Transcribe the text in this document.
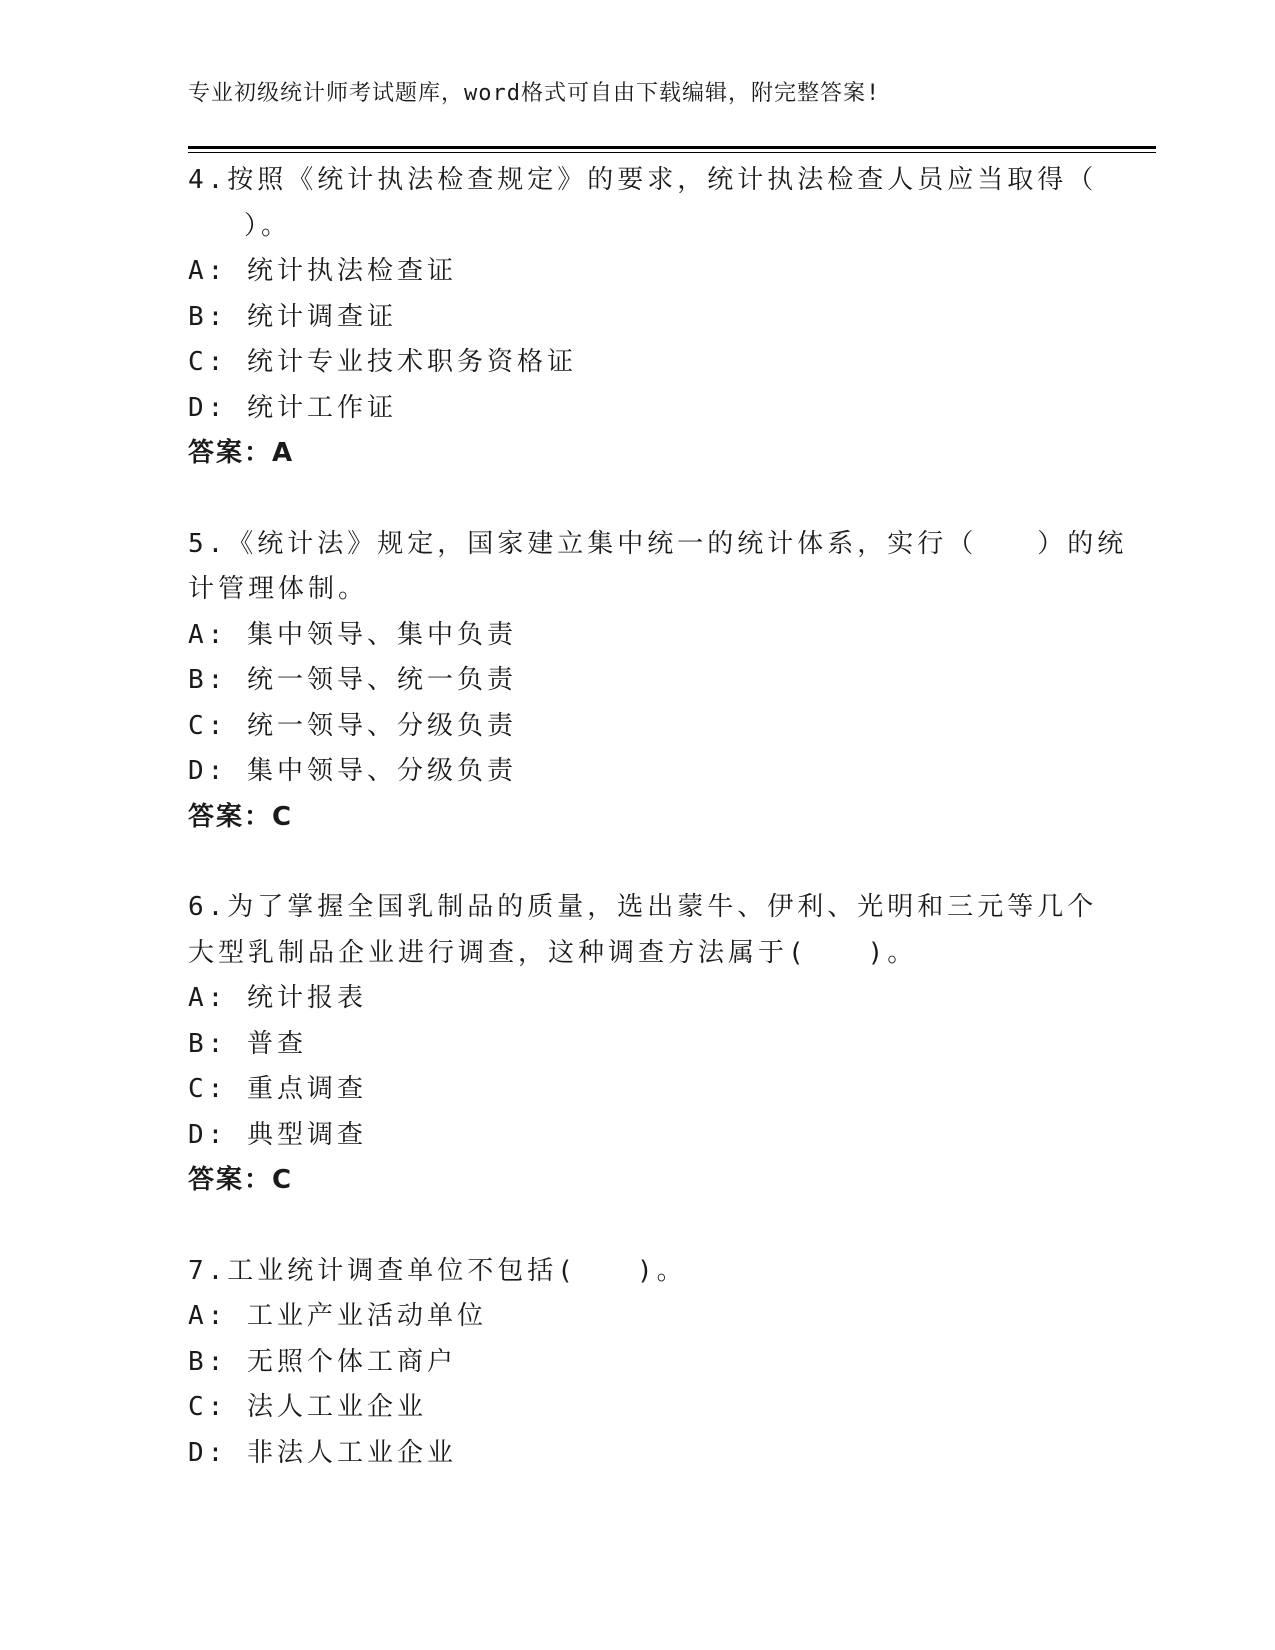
专业初级统计师考试题库，word格式可自由下载编辑，附完整答案!
4.按照《统计执法检查规定》的要求，统计执法检查人员应当取得（
　）。
A: 统计执法检查证
B: 统计调查证
C: 统计专业技术职务资格证
D: 统计工作证
答案：A
5.《统计法》规定，国家建立集中统一的统计体系，实行（　　）的统
计管理体制。
A: 集中领导、集中负责
B: 统一领导、统一负责
C: 统一领导、分级负责
D: 集中领导、分级负责
答案：C
6.为了掌握全国乳制品的质量，选出蒙牛、伊利、光明和三元等几个
大型乳制品企业进行调查，这种调查方法属于(　　)。
A: 统计报表
B: 普查
C: 重点调查
D: 典型调查
答案：C
7.工业统计调查单位不包括(　　)。
A: 工业产业活动单位
B: 无照个体工商户
C: 法人工业企业
D: 非法人工业企业
